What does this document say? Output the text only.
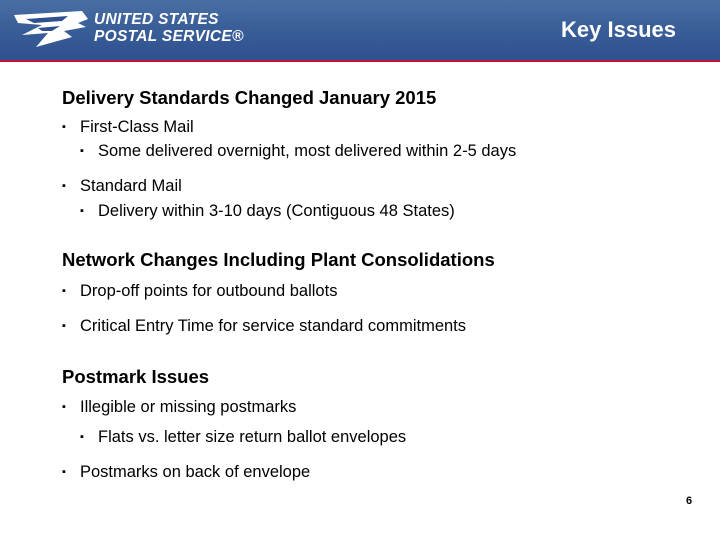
UNITED STATES
POSTAL SERVICE®	Key Issues
Delivery Standards Changed January 2015
▪ First-Class Mail
▪ Some delivered overnight, most delivered within 2-5 days
▪ Standard Mail
▪ Delivery within 3-10 days (Contiguous 48 States)
Network Changes Including Plant Consolidations
▪ Drop-off points for outbound ballots
▪ Critical Entry Time for service standard commitments
Postmark Issues
▪ Illegible or missing postmarks
▪ Flats vs. letter size return ballot envelopes
▪ Postmarks on back of envelope
6
